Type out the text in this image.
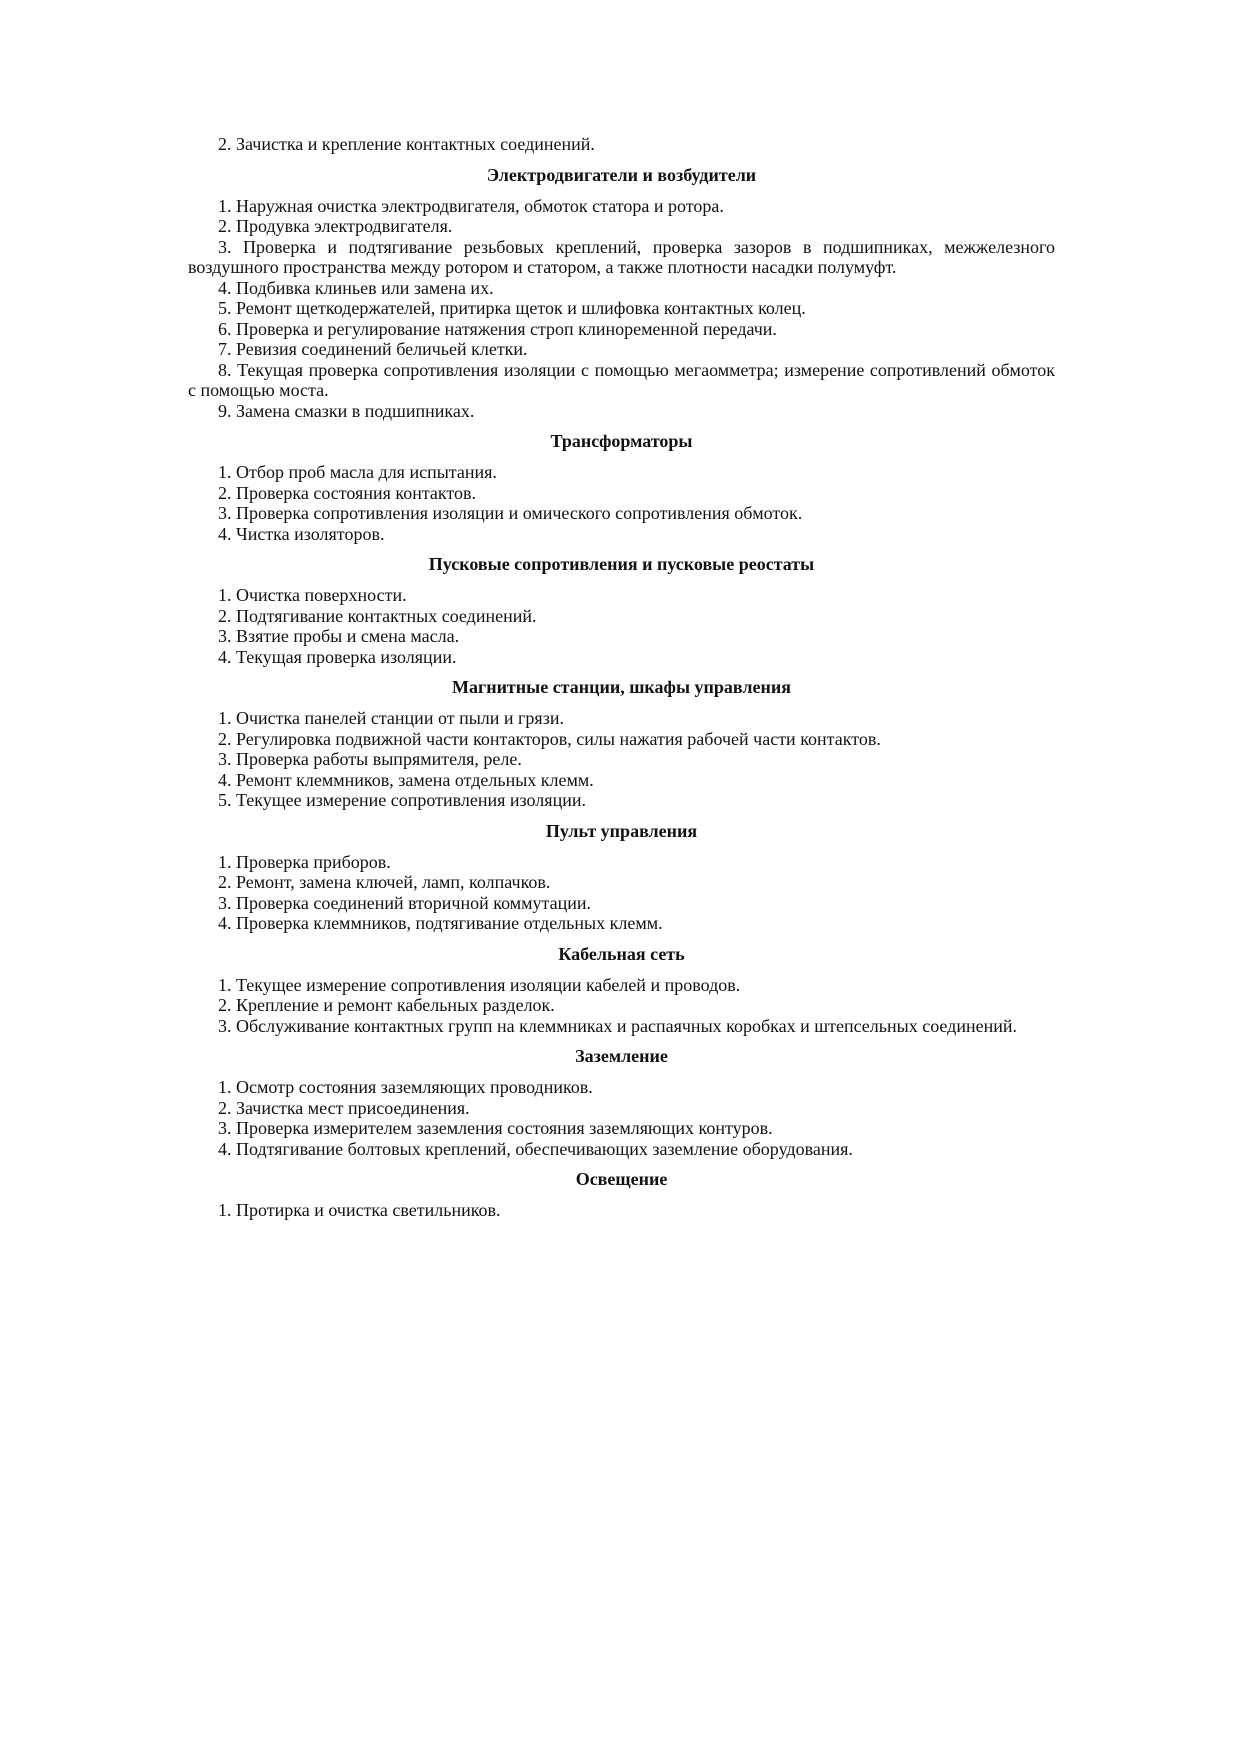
2. Зачистка и крепление контактных соединений.

Электродвигатели и возбудители

1. Наружная очистка электродвигателя, обмоток статора и ротора.

2. Продувка электродвигателя.

3. Проверка и подтягивание резьбовых креплений, проверка зазоров в подшипниках, межжелезного воздушного пространства между ротором и статором, а также плотности насадки полумуфт.

4. Подбивка клиньев или замена их.

5. Ремонт щеткодержателей, притирка щеток и шлифовка контактных колец.

6. Проверка и регулирование натяжения строп клиноременной передачи.

7. Ревизия соединений беличьей клетки.

8. Текущая проверка сопротивления изоляции с помощью мегаомметра; измерение сопротивлений обмоток с помощью моста.

9. Замена смазки в подшипниках.

Трансформаторы

1. Отбор проб масла для испытания.

2. Проверка состояния контактов.

3. Проверка сопротивления изоляции и омического сопротивления обмоток.

4. Чистка изоляторов.

Пусковые сопротивления и пусковые реостаты

1. Очистка поверхности.

2. Подтягивание контактных соединений.

3. Взятие пробы и смена масла.

4. Текущая проверка изоляции.

Магнитные станции, шкафы управления

1. Очистка панелей станции от пыли и грязи.

2. Регулировка подвижной части контакторов, силы нажатия рабочей части контактов.

3. Проверка работы выпрямителя, реле.

4. Ремонт клеммников, замена отдельных клемм.

5. Текущее измерение сопротивления изоляции.

Пульт управления

1. Проверка приборов.

2. Ремонт, замена ключей, ламп, колпачков.

3. Проверка соединений вторичной коммутации.

4. Проверка клеммников, подтягивание отдельных клемм.

Кабельная сеть

1. Текущее измерение сопротивления изоляции кабелей и проводов.

2. Крепление и ремонт кабельных разделок.

3. Обслуживание контактных групп на клеммниках и распаячных коробках и штепсельных соединений.

Заземление

1. Осмотр состояния заземляющих проводников.

2. Зачистка мест присоединения.

3. Проверка измерителем заземления состояния заземляющих контуров.

4. Подтягивание болтовых креплений, обеспечивающих заземление оборудования.

Освещение

1. Протирка и очистка светильников.
